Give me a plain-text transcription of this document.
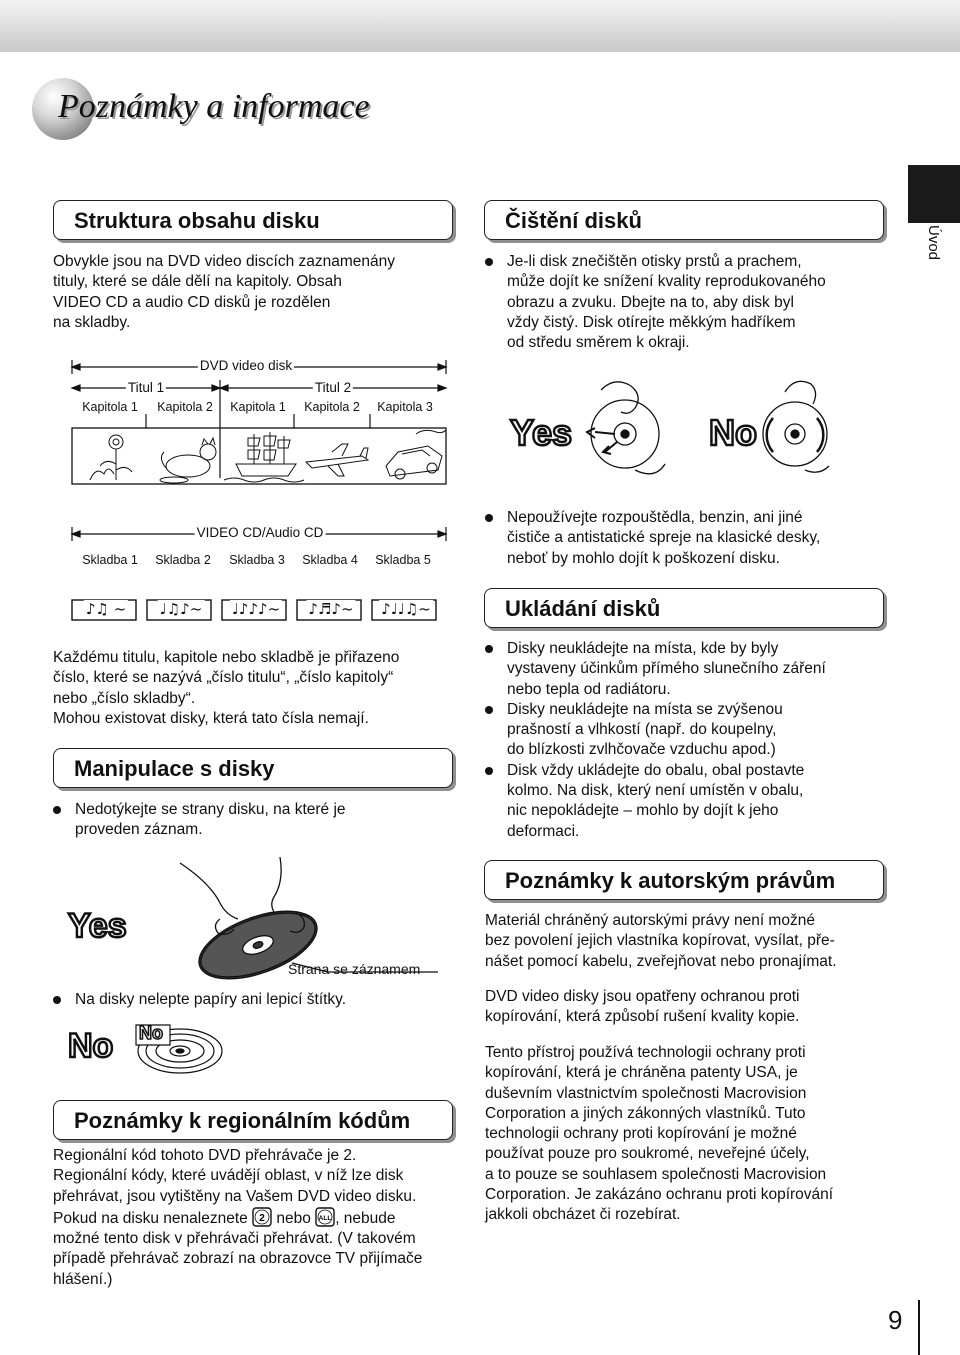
Poznámky a informace
Úvod
Struktura obsahu disku

Obvykle jsou na DVD video discích zaznamenány

tituly, které se dále dělí na kapitoly. Obsah

VIDEO CD a audio CD disků je rozdělen

na skladby.

DVD video disk
Titul 1	Titul 2
Kapitola 1 Kapitola 2 Kapitola 1 Kapitola 2 Kapitola 3
VIDEO CD/Audio CD
Skladba 1 Skladba 2 Skladba 3 Skladba 4 Skladba 5
♪♫ ~ ♩♫♪~ ♩♪♪♪~ ♪♬♪~ ♪♩♩♫~

Každému titulu, kapitole nebo skladbě je přiřazeno

číslo, které se nazývá „číslo titulu“, „číslo kapitoly“

nebo „číslo skladby“.

Mohou existovat disky, která tato čísla nemají.

Manipulace s disky
Nedotýkejte se strany disku, na které je
proveden záznam.
Yes
Strana se záznamem
Na disky nelepte papíry ani lepicí štítky.
No No
Poznámky k regionálním kódům

Regionální kód tohoto DVD přehrávače je 2.

Regionální kódy, které uvádějí oblast, v níž lze disk

přehrávat, jsou vytištěny na Vašem DVD video disku.

Pokud na disku nenaleznete 2 nebo ALL , nebude

možné tento disk v přehrávači přehrávat. (V takovém

případě přehrávač zobrazí na obrazovce TV přijímače

hlášení.)

Čištění disků
Je-li disk znečištěn otisky prstů a prachem,
může dojít ke snížení kvality reprodukovaného
obrazu a zvuku. Dbejte na to, aby disk byl
vždy čistý. Disk otírejte měkkým hadříkem
od středu směrem k okraji.
Yes	No
Nepoužívejte rozpouštědla, benzin, ani jiné
čističe a antistatické spreje na klasické desky,
neboť by mohlo dojít k poškození disku.
Ukládání disků
Disky neukládejte na místa, kde by byly
vystaveny účinkům přímého slunečního záření
nebo tepla od radiátoru.
Disky neukládejte na místa se zvýšenou
prašností a vlhkostí (např. do koupelny,
do blízkosti zvlhčovače vzduchu apod.)
Disk vždy ukládejte do obalu, obal postavte
kolmo. Na disk, který není umístěn v obalu,
nic nepokládejte – mohlo by dojít k jeho
deformaci.
Poznámky k autorským právům

Materiál chráněný autorskými právy není možné

bez povolení jejich vlastníka kopírovat, vysílat, pře-

nášet pomocí kabelu, zveřejňovat nebo pronajímat.

DVD video disky jsou opatřeny ochranou proti

kopírování, která způsobí rušení kvality kopie.

Tento přístroj používá technologii ochrany proti

kopírování, která je chráněna patenty USA, je

duševním vlastnictvím společnosti Macrovision

Corporation a jiných zákonných vlastníků. Tuto

technologii ochrany proti kopírování je možné

používat pouze pro soukromé, neveřejné účely,

a to pouze se souhlasem společnosti Macrovision

Corporation. Je zakázáno ochranu proti kopírování

jakkoli obcházet či rozebírat.

9
